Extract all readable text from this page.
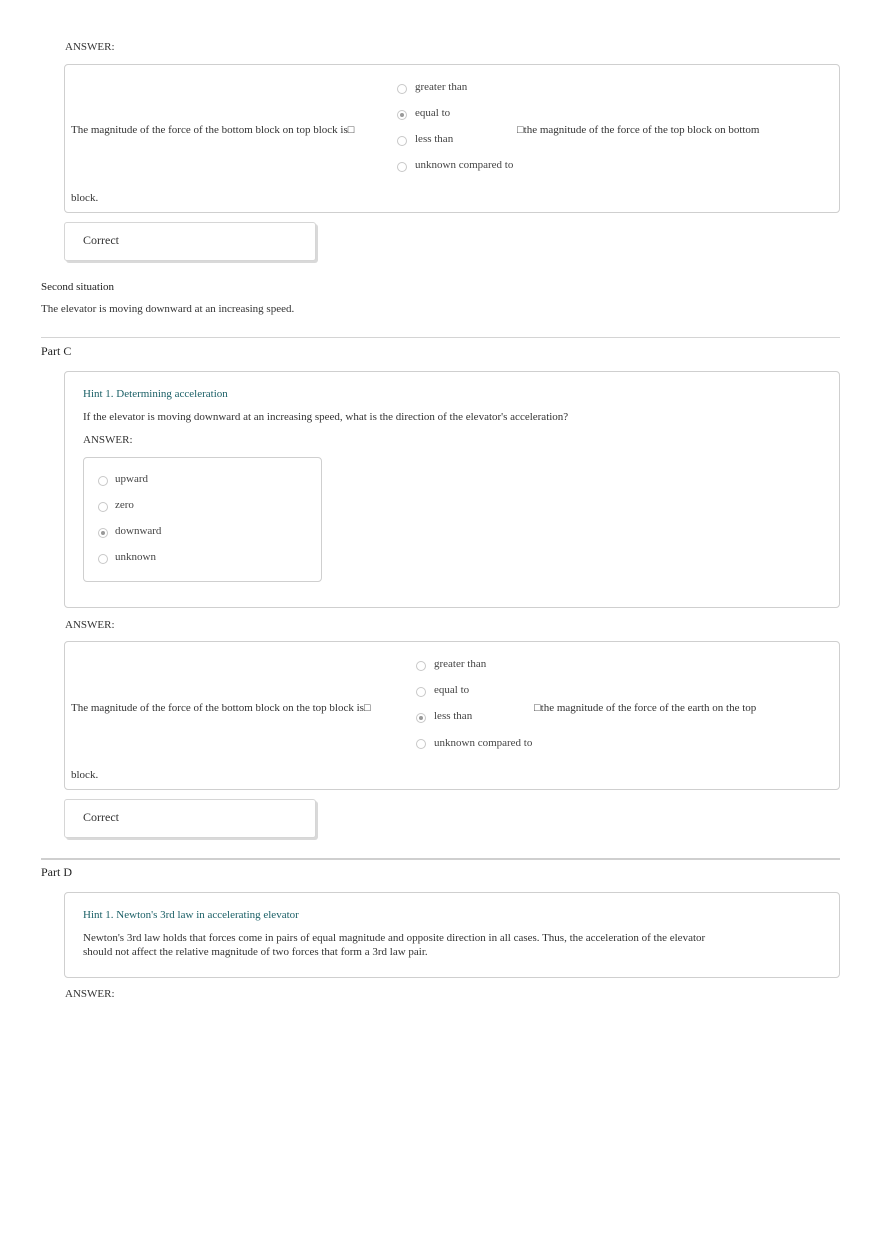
ANSWER:
The magnitude of the force of the bottom block on top block is□
greater than
equal to
less than
unknown compared to
□the magnitude of the force of the top block on bottom
block.
Correct
Second situation
The elevator is moving downward at an increasing speed.
Part C
Hint 1. Determining acceleration
If the elevator is moving downward at an increasing speed, what is the direction of the elevator's acceleration?
ANSWER:
upward
zero
downward
unknown
ANSWER:
The magnitude of the force of the bottom block on the top block is□
greater than
equal to
less than
unknown compared to
□the magnitude of the force of the earth on the top
block.
Correct
Part D
Hint 1. Newton's 3rd law in accelerating elevator
Newton's 3rd law holds that forces come in pairs of equal magnitude and opposite direction in all cases. Thus, the acceleration of the elevator
should not affect the relative magnitude of two forces that form a 3rd law pair.
ANSWER:
